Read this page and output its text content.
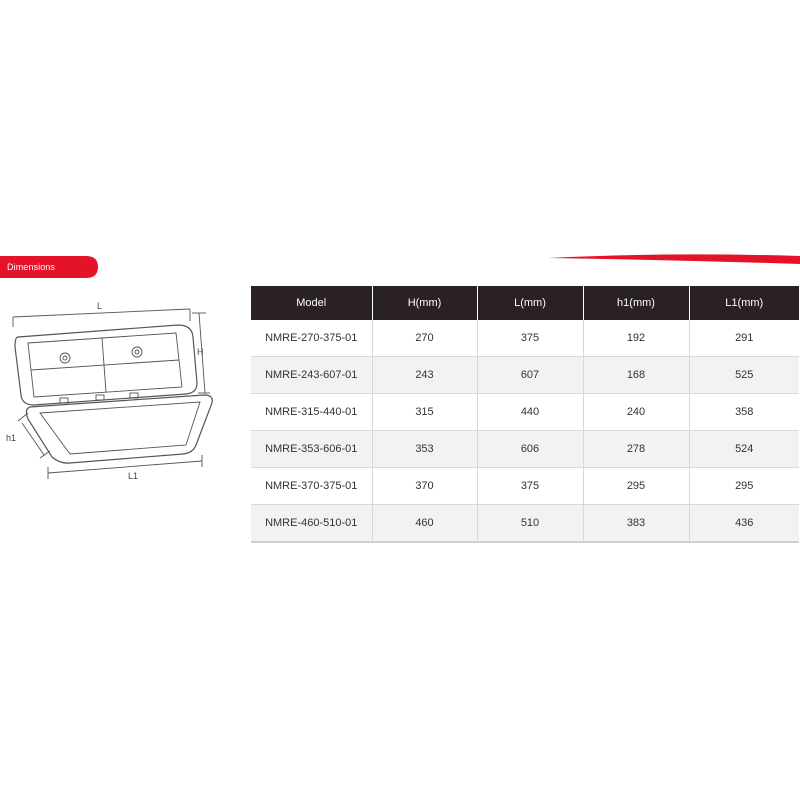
Dimensions
L
H
h1
L1
Model	H(mm)	L(mm)	h1(mm)	L1(mm)
NMRE-270-375-01	270	375	192	291
NMRE-243-607-01	243	607	168	525
NMRE-315-440-01	315	440	240	358
NMRE-353-606-01	353	606	278	524
NMRE-370-375-01	370	375	295	295
NMRE-460-510-01	460	510	383	436
